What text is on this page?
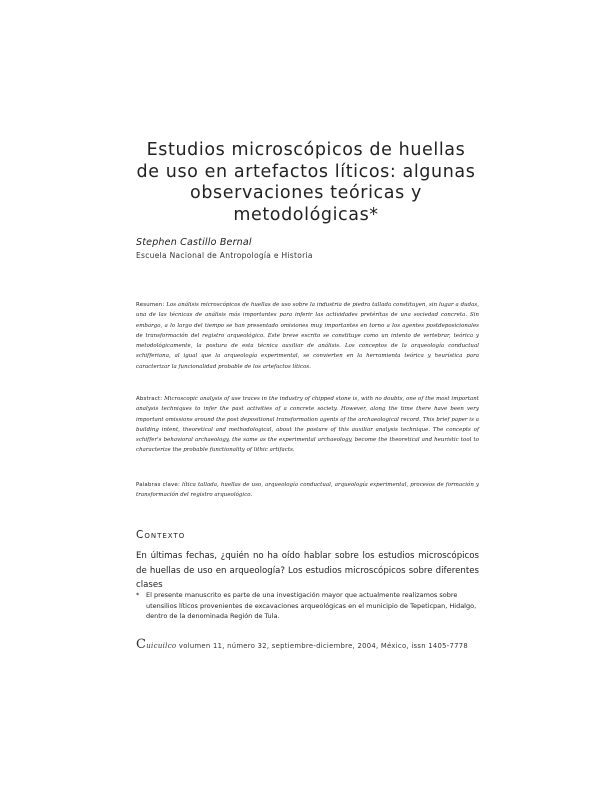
Estudios microscópicos de huellas de uso en artefactos líticos: algunas observaciones teóricas y metodológicas*
Stephen Castillo Bernal
Escuela Nacional de Antropología e Historia

Resumen: Los análisis microscópicos de huellas de uso sobre la industria de piedra tallada constituyen, sin lugar a dudas, una de las técnicas de análisis más importantes para inferir las actividades pretéritas de una sociedad concreta. Sin embargo, a lo largo del tiempo se han presentado omisiones muy importantes en torno a los agentes postdeposicionales de transformación del registro arqueológico. Este breve escrito se constituye como un intento de vertebrar, teórica y metodológicamente, la postura de esta técnica auxiliar de análisis. Los conceptos de la arqueología conductual schifferiana, al igual que la arqueología experimental, se convierten en la herramienta teórica y heurística para caracterizar la funcionalidad probable de los artefactos líticos.

Abstract: Microscopic analysis of use traces in the industry of chipped stone is, with no doubts, one of the most important analysis techniques to infer the past activities of a concrete society. However, along the time there have been very important omissions around the post depositional transformation agents of the archaeological record. This brief paper is a building intent, theoretical and methodological, about the posture of this auxiliar analysis technique. The concepts of schiffer's behavioral archaeology, the same as the experimental archaeology, become the theoretical and heuristic tool to characterize the probable functionality of lithic artifacts.

Palabras clave: lítica tallada, huellas de uso, arqueología conductual, arqueología experimental, procesos de formación y transformación del registro arqueológico.

Contexto

En últimas fechas, ¿quién no ha oído hablar sobre los estudios microscópicos de huellas de uso en arqueología? Los estudios microscópicos sobre diferentes clases

* El presente manuscrito es parte de una investigación mayor que actualmente realizamos sobre utensilios líticos provenientes de excavaciones arqueológicas en el municipio de Tepeticpan, Hidalgo, dentro de la denominada Región de Tula.

Cuicuilco volumen 11, número 32, septiembre-diciembre, 2004, México, issn 1405-7778
